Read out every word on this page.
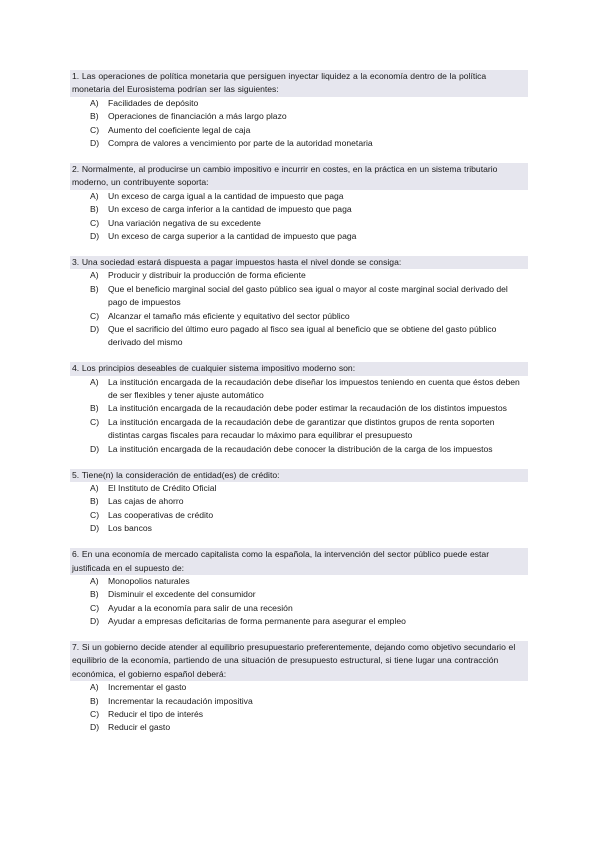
1. Las operaciones de política monetaria que persiguen inyectar liquidez a la economía dentro de la política monetaria del Eurosistema podrían ser las siguientes:
A)	Facilidades de depósito
B)	Operaciones de financiación a más largo plazo
C)	Aumento del coeficiente legal de caja
D)	Compra de valores a vencimiento por parte de la autoridad monetaria
2. Normalmente, al producirse un cambio impositivo e incurrir en costes, en la práctica en un sistema tributario moderno, un contribuyente soporta:
A)	Un exceso de carga igual a la cantidad de impuesto que paga
B)	Un exceso de carga inferior a la cantidad de impuesto que paga
C)	Una variación negativa de su excedente
D)	Un exceso de carga superior a la cantidad de impuesto que paga
3. Una sociedad estará dispuesta a pagar impuestos hasta el nivel donde se consiga:
A)	Producir y distribuir la producción de forma eficiente
B)	Que el beneficio marginal social del gasto público sea igual o mayor al coste marginal social derivado del pago de impuestos
C)	Alcanzar el tamaño más eficiente y equitativo del sector público
D)	Que el sacrificio del último euro pagado al fisco sea igual al beneficio que se obtiene del gasto público derivado del mismo
4. Los principios deseables de cualquier sistema impositivo moderno son:
A)	La institución encargada de la recaudación debe diseñar los impuestos teniendo en cuenta que éstos deben de ser flexibles y tener ajuste automático
B)	La institución encargada de la recaudación debe poder estimar la recaudación de los distintos impuestos
C)	La institución encargada de la recaudación debe de garantizar que distintos grupos de renta soporten distintas cargas fiscales para recaudar lo máximo para equilibrar el presupuesto
D)	La institución encargada de la recaudación debe conocer la distribución de la carga de los impuestos
5. Tiene(n) la consideración de entidad(es) de crédito:
A)	El Instituto de Crédito Oficial
B)	Las cajas de ahorro
C)	Las cooperativas de crédito
D)	Los bancos
6. En una economía de mercado capitalista como la española, la intervención del sector público puede estar justificada en el supuesto de:
A)	Monopolios naturales
B)	Disminuir el excedente del consumidor
C)	Ayudar a la economía para salir de una recesión
D)	Ayudar a empresas deficitarias de forma permanente para asegurar el empleo
7. Si un gobierno decide atender al equilibrio presupuestario preferentemente, dejando como objetivo secundario el equilibrio de la economía, partiendo de una situación de presupuesto estructural, si tiene lugar una contracción económica, el gobierno español deberá:
A)	Incrementar el gasto
B)	Incrementar la recaudación impositiva
C)	Reducir el tipo de interés
D)	Reducir el gasto
